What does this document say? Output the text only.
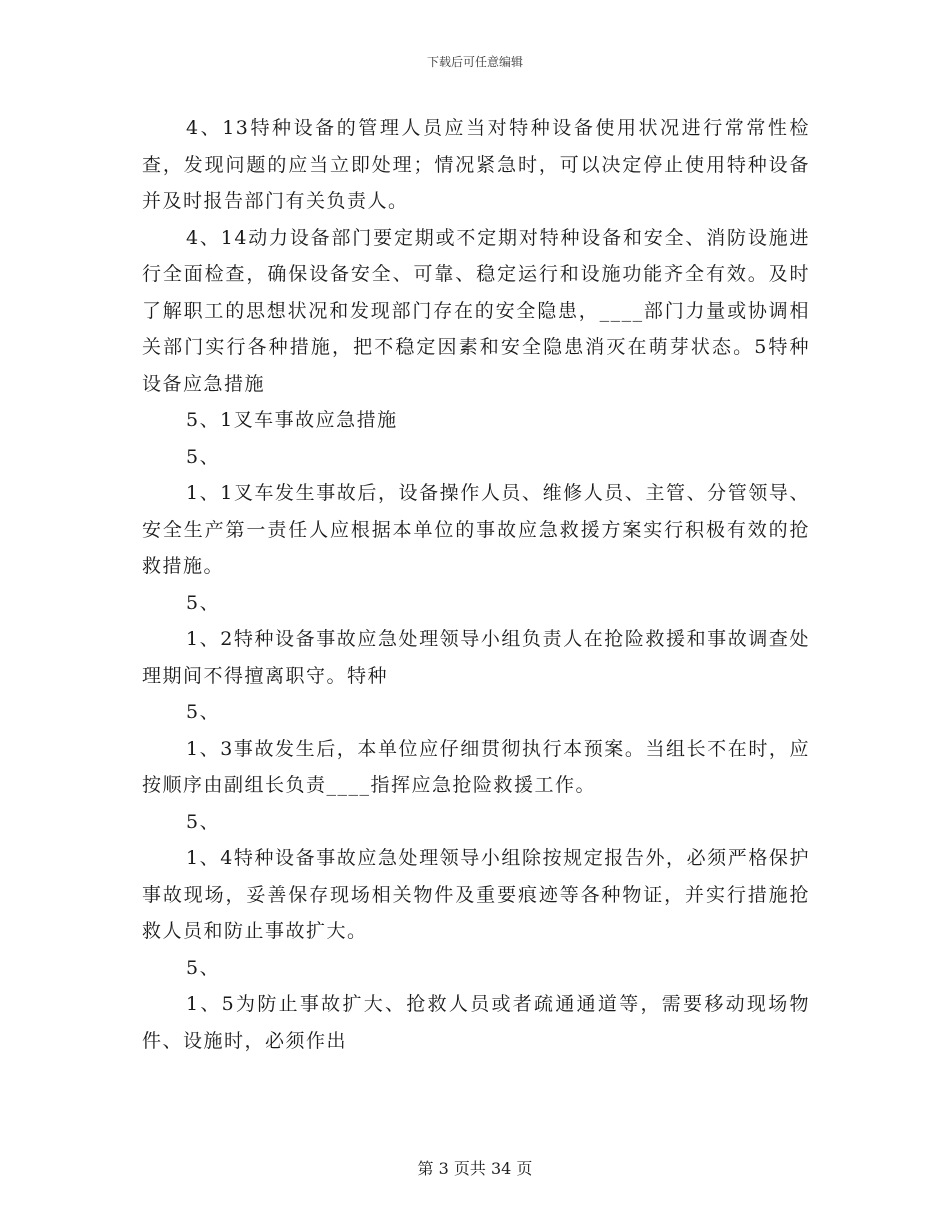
下载后可任意编辑

4、13特种设备的管理人员应当对特种设备使用状况进行常常性检查，发现问题的应当立即处理；情况紧急时，可以决定停止使用特种设备并及时报告部门有关负责人。

4、14动力设备部门要定期或不定期对特种设备和安全、消防设施进行全面检查，确保设备安全、可靠、稳定运行和设施功能齐全有效。及时了解职工的思想状况和发现部门存在的安全隐患，____部门力量或协调相关部门实行各种措施，把不稳定因素和安全隐患消灭在萌芽状态。5特种设备应急措施

5、1叉车事故应急措施

5、

1、1叉车发生事故后，设备操作人员、维修人员、主管、分管领导、安全生产第一责任人应根据本单位的事故应急救援方案实行积极有效的抢救措施。

5、

1、2特种设备事故应急处理领导小组负责人在抢险救援和事故调查处理期间不得擅离职守。特种

5、

1、3事故发生后，本单位应仔细贯彻执行本预案。当组长不在时，应按顺序由副组长负责____指挥应急抢险救援工作。

5、

1、4特种设备事故应急处理领导小组除按规定报告外，必须严格保护事故现场，妥善保存现场相关物件及重要痕迹等各种物证，并实行措施抢救人员和防止事故扩大。

5、

1、5为防止事故扩大、抢救人员或者疏通通道等，需要移动现场物件、设施时，必须作出

第 3 页共 34 页
